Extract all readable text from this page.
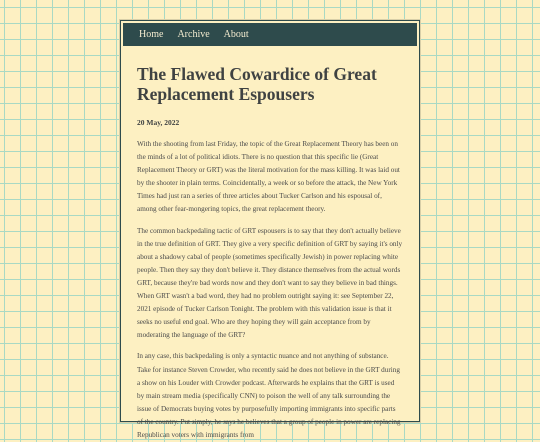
Home Archive About
The Flawed Cowardice of Great Replacement Espousers
20 May, 2022

With the shooting from last Friday, the topic of the Great Replacement Theory has been on the minds of a lot of political idiots. There is no question that this specific lie (Great Replacement Theory or GRT) was the literal motivation for the mass killing. It was laid out by the shooter in plain terms. Coincidentally, a week or so before the attack, the New York Times had just ran a series of three articles about Tucker Carlson and his espousal of, among other fear-mongering topics, the great replacement theory.

The common backpedaling tactic of GRT espousers is to say that they don't actually believe in the true definition of GRT. They give a very specific definition of GRT by saying it's only about a shadowy cabal of people (sometimes specifically Jewish) in power replacing white people. Then they say they don't believe it. They distance themselves from the actual words GRT, because they're bad words now and they don't want to say they believe in bad things. When GRT wasn't a bad word, they had no problem outright saying it: see September 22, 2021 episode of Tucker Carlson Tonight. The problem with this validation issue is that it seeks no useful end goal. Who are they hoping they will gain acceptance from by moderating the language of the GRT?

In any case, this backpedaling is only a syntactic nuance and not anything of substance. Take for instance Steven Crowder, who recently said he does not believe in the GRT during a show on his Louder with Crowder podcast. Afterwards he explains that the GRT is used by main stream media (specifically CNN) to poison the well of any talk surrounding the issue of Democrats buying votes by purposefully importing immigrants into specific parts of the country. Put simply, he says he believes that a group of people in power are replacing Republican voters with immigrants from
